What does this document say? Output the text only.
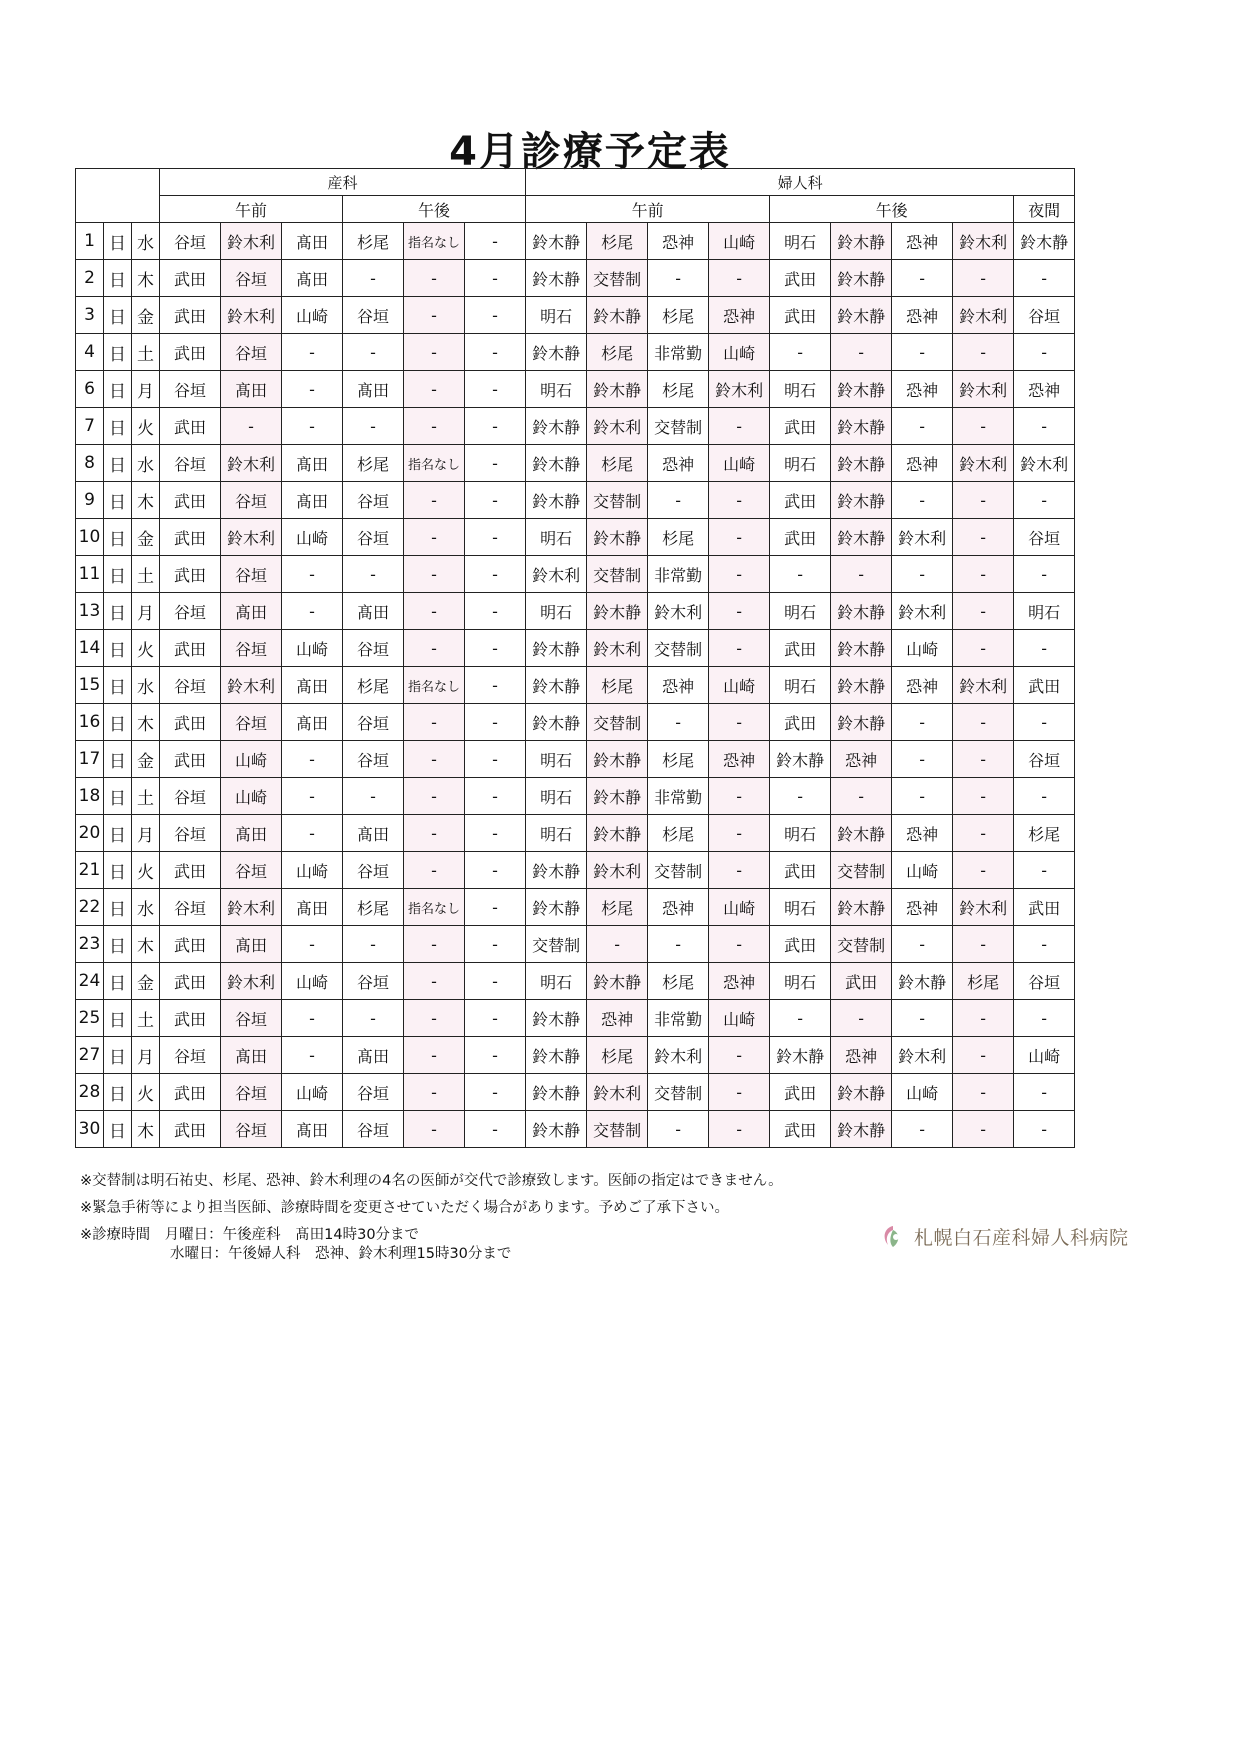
4月診療予定表
			産科						婦人科								
			午前			午後			午前				午後				夜間
1	日	水	谷垣	鈴木利	髙田	杉尾	指名なし	-	鈴木静	杉尾	恐神	山崎	明石	鈴木静	恐神	鈴木利	鈴木静
2	日	木	武田	谷垣	髙田	-	-	-	鈴木静	交替制	-	-	武田	鈴木静	-	-	-
3	日	金	武田	鈴木利	山崎	谷垣	-	-	明石	鈴木静	杉尾	恐神	武田	鈴木静	恐神	鈴木利	谷垣
4	日	土	武田	谷垣	-	-	-	-	鈴木静	杉尾	非常勤	山崎	-	-	-	-	-
6	日	月	谷垣	髙田	-	髙田	-	-	明石	鈴木静	杉尾	鈴木利	明石	鈴木静	恐神	鈴木利	恐神
7	日	火	武田	-	-	-	-	-	鈴木静	鈴木利	交替制	-	武田	鈴木静	-	-	-
8	日	水	谷垣	鈴木利	髙田	杉尾	指名なし	-	鈴木静	杉尾	恐神	山崎	明石	鈴木静	恐神	鈴木利	鈴木利
9	日	木	武田	谷垣	髙田	谷垣	-	-	鈴木静	交替制	-	-	武田	鈴木静	-	-	-
10	日	金	武田	鈴木利	山崎	谷垣	-	-	明石	鈴木静	杉尾	-	武田	鈴木静	鈴木利	-	谷垣
11	日	土	武田	谷垣	-	-	-	-	鈴木利	交替制	非常勤	-	-	-	-	-	-
13	日	月	谷垣	髙田	-	髙田	-	-	明石	鈴木静	鈴木利	-	明石	鈴木静	鈴木利	-	明石
14	日	火	武田	谷垣	山崎	谷垣	-	-	鈴木静	鈴木利	交替制	-	武田	鈴木静	山崎	-	-
15	日	水	谷垣	鈴木利	髙田	杉尾	指名なし	-	鈴木静	杉尾	恐神	山崎	明石	鈴木静	恐神	鈴木利	武田
16	日	木	武田	谷垣	髙田	谷垣	-	-	鈴木静	交替制	-	-	武田	鈴木静	-	-	-
17	日	金	武田	山崎	-	谷垣	-	-	明石	鈴木静	杉尾	恐神	鈴木静	恐神	-	-	谷垣
18	日	土	谷垣	山崎	-	-	-	-	明石	鈴木静	非常勤	-	-	-	-	-	-
20	日	月	谷垣	髙田	-	髙田	-	-	明石	鈴木静	杉尾	-	明石	鈴木静	恐神	-	杉尾
21	日	火	武田	谷垣	山崎	谷垣	-	-	鈴木静	鈴木利	交替制	-	武田	交替制	山崎	-	-
22	日	水	谷垣	鈴木利	髙田	杉尾	指名なし	-	鈴木静	杉尾	恐神	山崎	明石	鈴木静	恐神	鈴木利	武田
23	日	木	武田	髙田	-	-	-	-	交替制	-	-	-	武田	交替制	-	-	-
24	日	金	武田	鈴木利	山崎	谷垣	-	-	明石	鈴木静	杉尾	恐神	明石	武田	鈴木静	杉尾	谷垣
25	日	土	武田	谷垣	-	-	-	-	鈴木静	恐神	非常勤	山崎	-	-	-	-	-
27	日	月	谷垣	髙田	-	髙田	-	-	鈴木静	杉尾	鈴木利	-	鈴木静	恐神	鈴木利	-	山崎
28	日	火	武田	谷垣	山崎	谷垣	-	-	鈴木静	鈴木利	交替制	-	武田	鈴木静	山崎	-	-
30	日	木	武田	谷垣	髙田	谷垣	-	-	鈴木静	交替制	-	-	武田	鈴木静	-	-	-

※交替制は明石祐史、杉尾、恐神、鈴木利理の4名の医師が交代で診療致します。医師の指定はできません。

※緊急手術等により担当医師、診療時間を変更させていただく場合があります。予めご了承下さい。

※診療時間　月曜日：午後産科　髙田14時30分まで

水曜日：午後婦人科　恐神、鈴木利理15時30分まで

札幌白石産科婦人科病院
